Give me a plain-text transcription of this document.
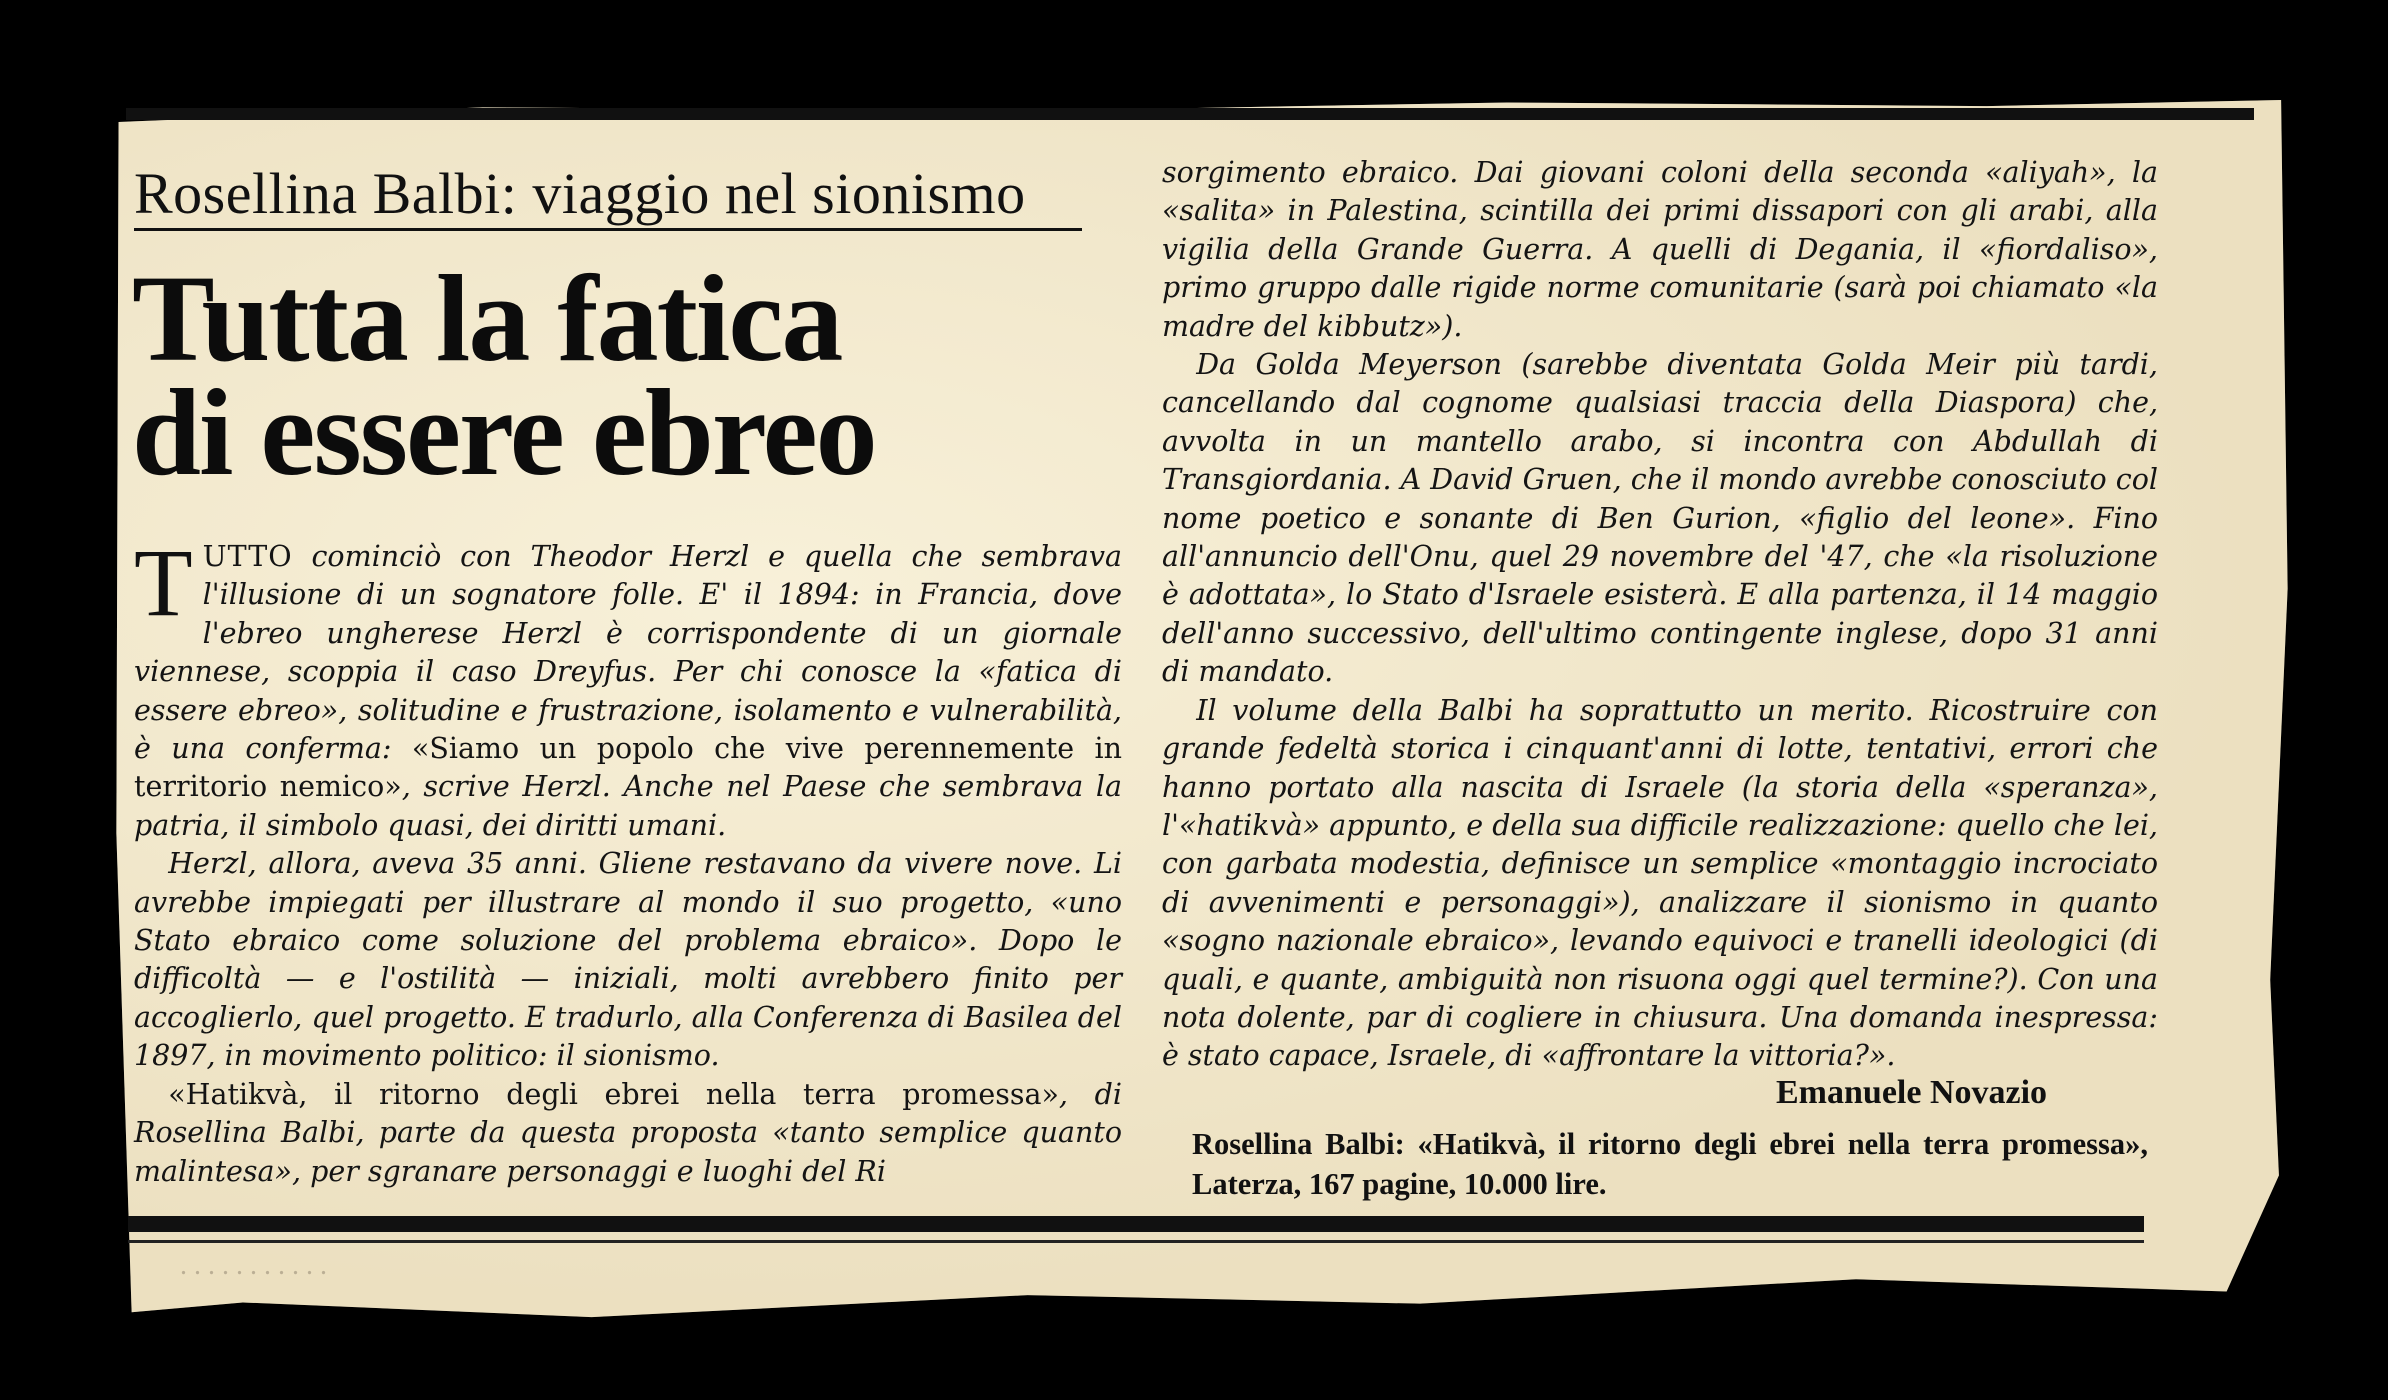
. . . . . . . . . . .
Rosellina Balbi: viaggio nel sionismo
Tutta la fatica
di essere ebreo

TUTTO cominciò con Theodor Herzl e quella che sembrava l'illusione di un sognatore folle. E' il 1894: in Francia, dove l'ebreo ungherese Herzl è corrispondente di un giornale viennese, scoppia il caso Dreyfus. Per chi conosce la «fatica di essere ebreo», solitudine e frustrazione, isolamento e vulnerabilità, è una conferma: «Siamo un popolo che vive perennemente in territorio nemico», scrive Herzl. Anche nel Paese che sembrava la patria, il simbolo quasi, dei diritti umani.

Herzl, allora, aveva 35 anni. Gliene restavano da vivere nove. Li avrebbe impiegati per illustrare al mondo il suo progetto, «uno Stato ebraico come soluzione del problema ebraico». Dopo le difficoltà — e l'ostilità — iniziali, molti avrebbero finito per accoglierlo, quel progetto. E tradurlo, alla Conferenza di Basilea del 1897, in movimento politico: il sionismo.

«Hatikvà, il ritorno degli ebrei nella terra promessa», di Rosellina Balbi, parte da questa proposta «tanto semplice quanto malintesa», per sgranare personaggi e luoghi del Ri

sorgimento ebraico. Dai giovani coloni della seconda «aliyah», la «salita» in Palestina, scintilla dei primi dissapori con gli arabi, alla vigilia della Grande Guerra. A quelli di Degania, il «fiordaliso», primo gruppo dalle rigide norme comunitarie (sarà poi chiamato «la madre del kibbutz»).

Da Golda Meyerson (sarebbe diventata Golda Meir più tardi, cancellando dal cognome qualsiasi traccia della Diaspora) che, avvolta in un mantello arabo, si incontra con Abdullah di Transgiordania. A David Gruen, che il mondo avrebbe conosciuto col nome poetico e sonante di Ben Gurion, «figlio del leone». Fino all'annuncio dell'Onu, quel 29 novembre del '47, che «la risoluzione è adottata», lo Stato d'Israele esisterà. E alla partenza, il 14 maggio dell'anno successivo, dell'ultimo contingente inglese, dopo 31 anni di mandato.

Il volume della Balbi ha soprattutto un merito. Ricostruire con grande fedeltà storica i cinquant'anni di lotte, tentativi, errori che hanno portato alla nascita di Israele (la storia della «speranza», l'«hatikvà» appunto, e della sua difficile realizzazione: quello che lei, con garbata modestia, definisce un semplice «montaggio incrociato di avvenimenti e personaggi»), analizzare il sionismo in quanto «sogno nazionale ebraico», levando equivoci e tranelli ideologici (di quali, e quante, ambiguità non risuona oggi quel termine?). Con una nota dolente, par di cogliere in chiusura. Una domanda inespressa: è stato capace, Israele, di «affrontare la vittoria?».

Emanuele Novazio
Rosellina Balbi: «Hatikvà, il ritorno degli ebrei nella terra promessa», Laterza, 167 pagine, 10.000 lire.
